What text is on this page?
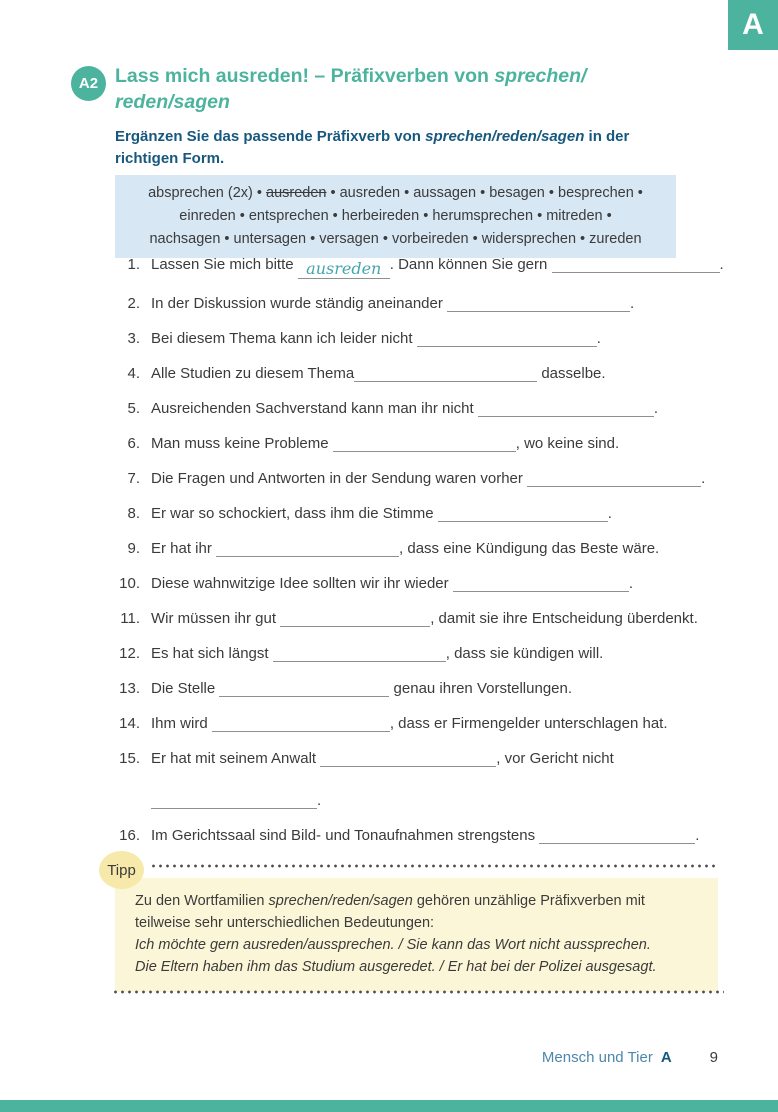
A
A2 Lass mich ausreden! – Präfixverben von sprechen/
reden/sagen

Ergänzen Sie das passende Präfixverb von sprechen/reden/sagen in der richtigen Form.

absprechen (2x) • ausreden • ausreden • aussagen • besagen • besprechen •
einreden • entsprechen • herbeireden • herumsprechen • mitreden •
nachsagen • untersagen • versagen • vorbeireden • widersprechen • zureden
1. Lassen Sie mich bitte ausreden . Dann können Sie gern	.
2. In der Diskussion wurde ständig aneinander	.
3. Bei diesem Thema kann ich leider nicht	.
4. Alle Studien zu diesem Thema	dasselbe.
5. Ausreichenden Sachverstand kann man ihr nicht	.
6. Man muss keine Probleme	, wo keine sind.
7. Die Fragen und Antworten in der Sendung waren vorher	.
8. Er war so schockiert, dass ihm die Stimme	.
9. Er hat ihr	, dass eine Kündigung das Beste wäre.
10. Diese wahnwitzige Idee sollten wir ihr wieder	.
11. Wir müssen ihr gut	, damit sie ihre Entscheidung überdenkt.
12. Es hat sich längst	, dass sie kündigen will.
13. Die Stelle	genau ihren Vorstellungen.
14. Ihm wird	, dass er Firmengelder unterschlagen hat.
15. Er hat mit seinem Anwalt	, vor Gericht nicht

.
16. Im Gerichtssaal sind Bild- und Tonaufnahmen strengstens	.
Tipp

Zu den Wortfamilien sprechen/reden/sagen gehören unzählige Präfixverben mit teilweise sehr unterschiedlichen Bedeutungen:

Ich möchte gern ausreden/aussprechen. / Sie kann das Wort nicht aussprechen.
Die Eltern haben ihm das Studium ausgeredet. / Er hat bei der Polizei ausgesagt.
Mensch und Tier A	9
